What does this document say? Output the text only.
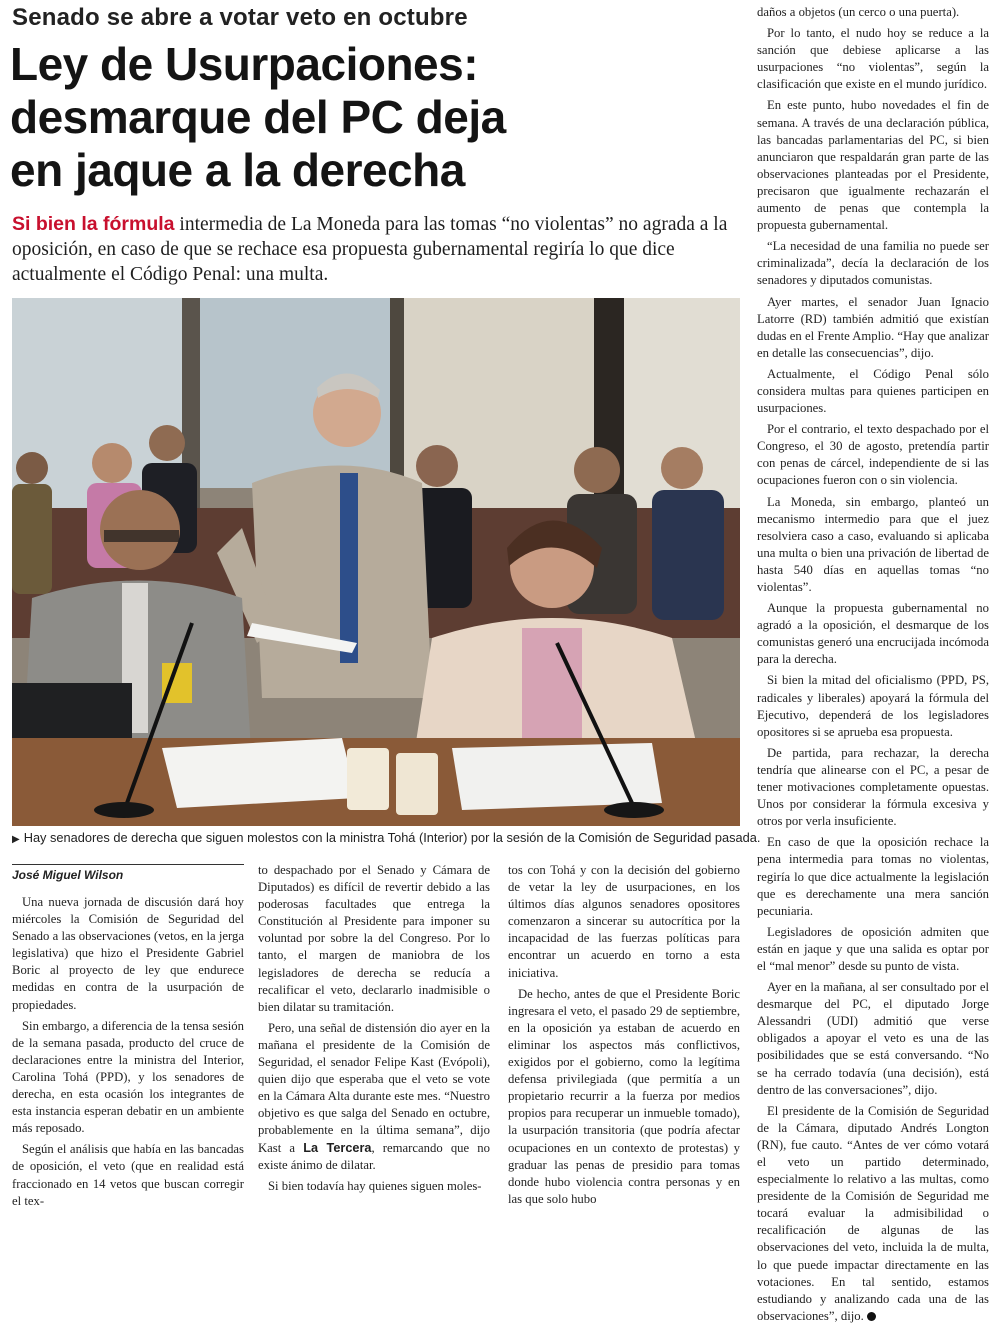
Senado se abre a votar veto en octubre
Ley de Usurpaciones:
desmarque del PC deja
en jaque a la derecha
Si bien la fórmula intermedia de La Moneda para las tomas “no violentas” no agrada a la oposición, en caso de que se rechace esa propuesta gubernamental regiría lo que dice actualmente el Código Penal: una multa.
▶ Hay senadores de derecha que siguen molestos con la ministra Tohá (Interior) por la sesión de la Comisión de Seguridad pasada.
José Miguel Wilson

Una nueva jornada de discusión dará hoy miércoles la Comisión de Seguridad del Senado a las observaciones (vetos, en la jerga legislativa) que hizo el Presidente Gabriel Boric al proyecto de ley que endurece medidas en contra de la usurpación de propiedades.

Sin embargo, a diferencia de la tensa sesión de la semana pasada, producto del cruce de declaraciones entre la ministra del Interior, Carolina Tohá (PPD), y los senadores de derecha, en esta ocasión los integrantes de esta instancia esperan debatir en un ambiente más reposado.

Según el análisis que había en las bancadas de oposición, el veto (que en realidad está fraccionado en 14 vetos que buscan corregir el tex-

to despachado por el Senado y Cámara de Diputados) es difícil de revertir debido a las poderosas facultades que entrega la Constitución al Presidente para imponer su voluntad por sobre la del Congreso. Por lo tanto, el margen de maniobra de los legisladores de derecha se reducía a recalificar el veto, declararlo inadmisible o bien dilatar su tramitación.

Pero, una señal de distensión dio ayer en la mañana el presidente de la Comisión de Seguridad, el senador Felipe Kast (Evópoli), quien dijo que esperaba que el veto se vote en la Cámara Alta durante este mes. “Nuestro objetivo es que salga del Senado en octubre, probablemente en la última semana”, dijo Kast a La Tercera, remarcando que no existe ánimo de dilatar.

Si bien todavía hay quienes siguen moles-

tos con Tohá y con la decisión del gobierno de vetar la ley de usurpaciones, en los últimos días algunos senadores opositores comenzaron a sincerar su autocrítica por la incapacidad de las fuerzas políticas para encontrar un acuerdo en torno a esta iniciativa.

De hecho, antes de que el Presidente Boric ingresara el veto, el pasado 29 de septiembre, en la oposición ya estaban de acuerdo en eliminar los aspectos más conflictivos, exigidos por el gobierno, como la legítima defensa privilegiada (que permitía a un propietario recurrir a la fuerza por medios propios para recuperar un inmueble tomado), la usurpación transitoria (que podría afectar ocupaciones en un contexto de protestas) y graduar las penas de presidio para tomas donde hubo violencia contra personas y en las que solo hubo

daños a objetos (un cerco o una puerta).

Por lo tanto, el nudo hoy se reduce a la sanción que debiese aplicarse a las usurpaciones “no violentas”, según la clasificación que existe en el mundo jurídico.

En este punto, hubo novedades el fin de semana. A través de una declaración pública, las bancadas parlamentarias del PC, si bien anunciaron que respaldarán gran parte de las observaciones planteadas por el Presidente, precisaron que igualmente rechazarán el aumento de penas que contempla la propuesta gubernamental.

“La necesidad de una familia no puede ser criminalizada”, decía la declaración de los senadores y diputados comunistas.

Ayer martes, el senador Juan Ignacio Latorre (RD) también admitió que existían dudas en el Frente Amplio. “Hay que analizar en detalle las consecuencias”, dijo.

Actualmente, el Código Penal sólo considera multas para quienes participen en usurpaciones.

Por el contrario, el texto despachado por el Congreso, el 30 de agosto, pretendía partir con penas de cárcel, independiente de si las ocupaciones fueron con o sin violencia.

La Moneda, sin embargo, planteó un mecanismo intermedio para que el juez resolviera caso a caso, evaluando si aplicaba una multa o bien una privación de libertad de hasta 540 días en aquellas tomas “no violentas”.

Aunque la propuesta gubernamental no agradó a la oposición, el desmarque de los comunistas generó una encrucijada incómoda para la derecha.

Si bien la mitad del oficialismo (PPD, PS, radicales y liberales) apoyará la fórmula del Ejecutivo, dependerá de los legisladores opositores si se aprueba esa propuesta.

De partida, para rechazar, la derecha tendría que alinearse con el PC, a pesar de tener motivaciones completamente opuestas. Unos por considerar la fórmula excesiva y otros por verla insuficiente.

En caso de que la oposición rechace la pena intermedia para tomas no violentas, regiría lo que dice actualmente la legislación que es derechamente una mera sanción pecuniaria.

Legisladores de oposición admiten que están en jaque y que una salida es optar por el “mal menor” desde su punto de vista.

Ayer en la mañana, al ser consultado por el desmarque del PC, el diputado Jorge Alessandri (UDI) admitió que verse obligados a apoyar el veto es una de las posibilidades que se está conversando. “No se ha cerrado todavía (una decisión), está dentro de las conversaciones”, dijo.

El presidente de la Comisión de Seguridad de la Cámara, diputado Andrés Longton (RN), fue cauto. “Antes de ver cómo votará el veto un partido determinado, especialmente lo relativo a las multas, como presidente de la Comisión de Seguridad me tocará evaluar la admisibilidad o recalificación de algunas de las observaciones del veto, incluida la de multa, lo que puede impactar directamente en las votaciones. En tal sentido, estamos estudiando y analizando cada una de las observaciones”, dijo.
